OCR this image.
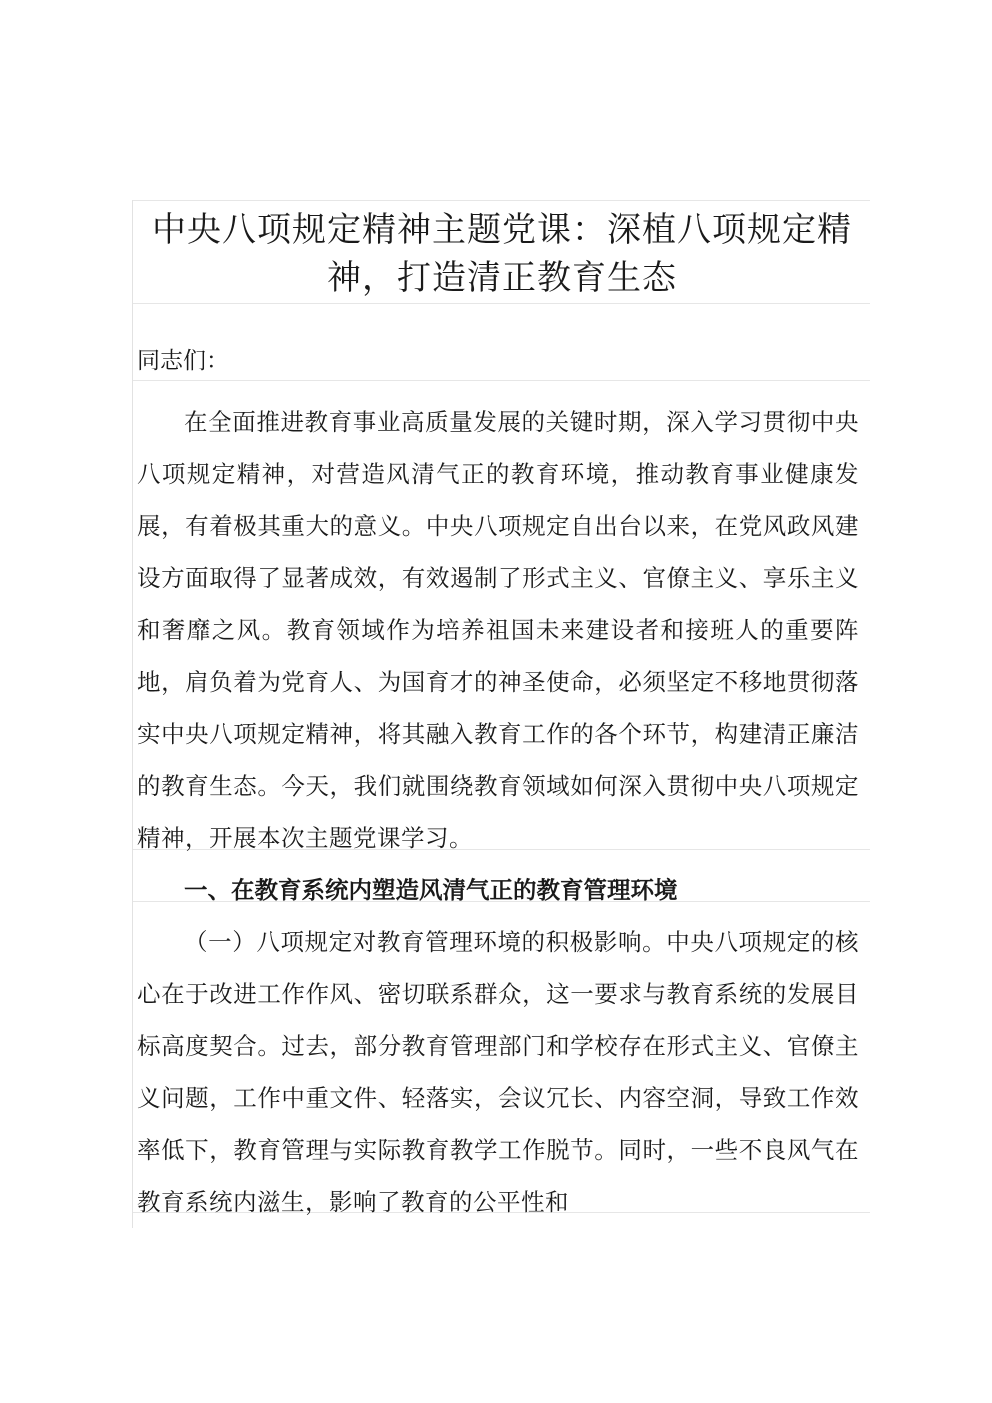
中央八项规定精神主题党课：深植八项规定精神，打造清正教育生态

同志们：

在全面推进教育事业高质量发展的关键时期，深入学习贯彻中央八项规定精神，对营造风清气正的教育环境，推动教育事业健康发展，有着极其重大的意义。中央八项规定自出台以来，在党风政风建设方面取得了显著成效，有效遏制了形式主义、官僚主义、享乐主义和奢靡之风。教育领域作为培养祖国未来建设者和接班人的重要阵地，肩负着为党育人、为国育才的神圣使命，必须坚定不移地贯彻落实中央八项规定精神，将其融入教育工作的各个环节，构建清正廉洁的教育生态。今天，我们就围绕教育领域如何深入贯彻中央八项规定精神，开展本次主题党课学习。

一、在教育系统内塑造风清气正的教育管理环境

（一）八项规定对教育管理环境的积极影响。中央八项规定的核心在于改进工作作风、密切联系群众，这一要求与教育系统的发展目标高度契合。过去，部分教育管理部门和学校存在形式主义、官僚主义问题，工作中重文件、轻落实，会议冗长、内容空洞，导致工作效率低下，教育管理与实际教育教学工作脱节。同时，一些不良风气在教育系统内滋生，影响了教育的公平性和
